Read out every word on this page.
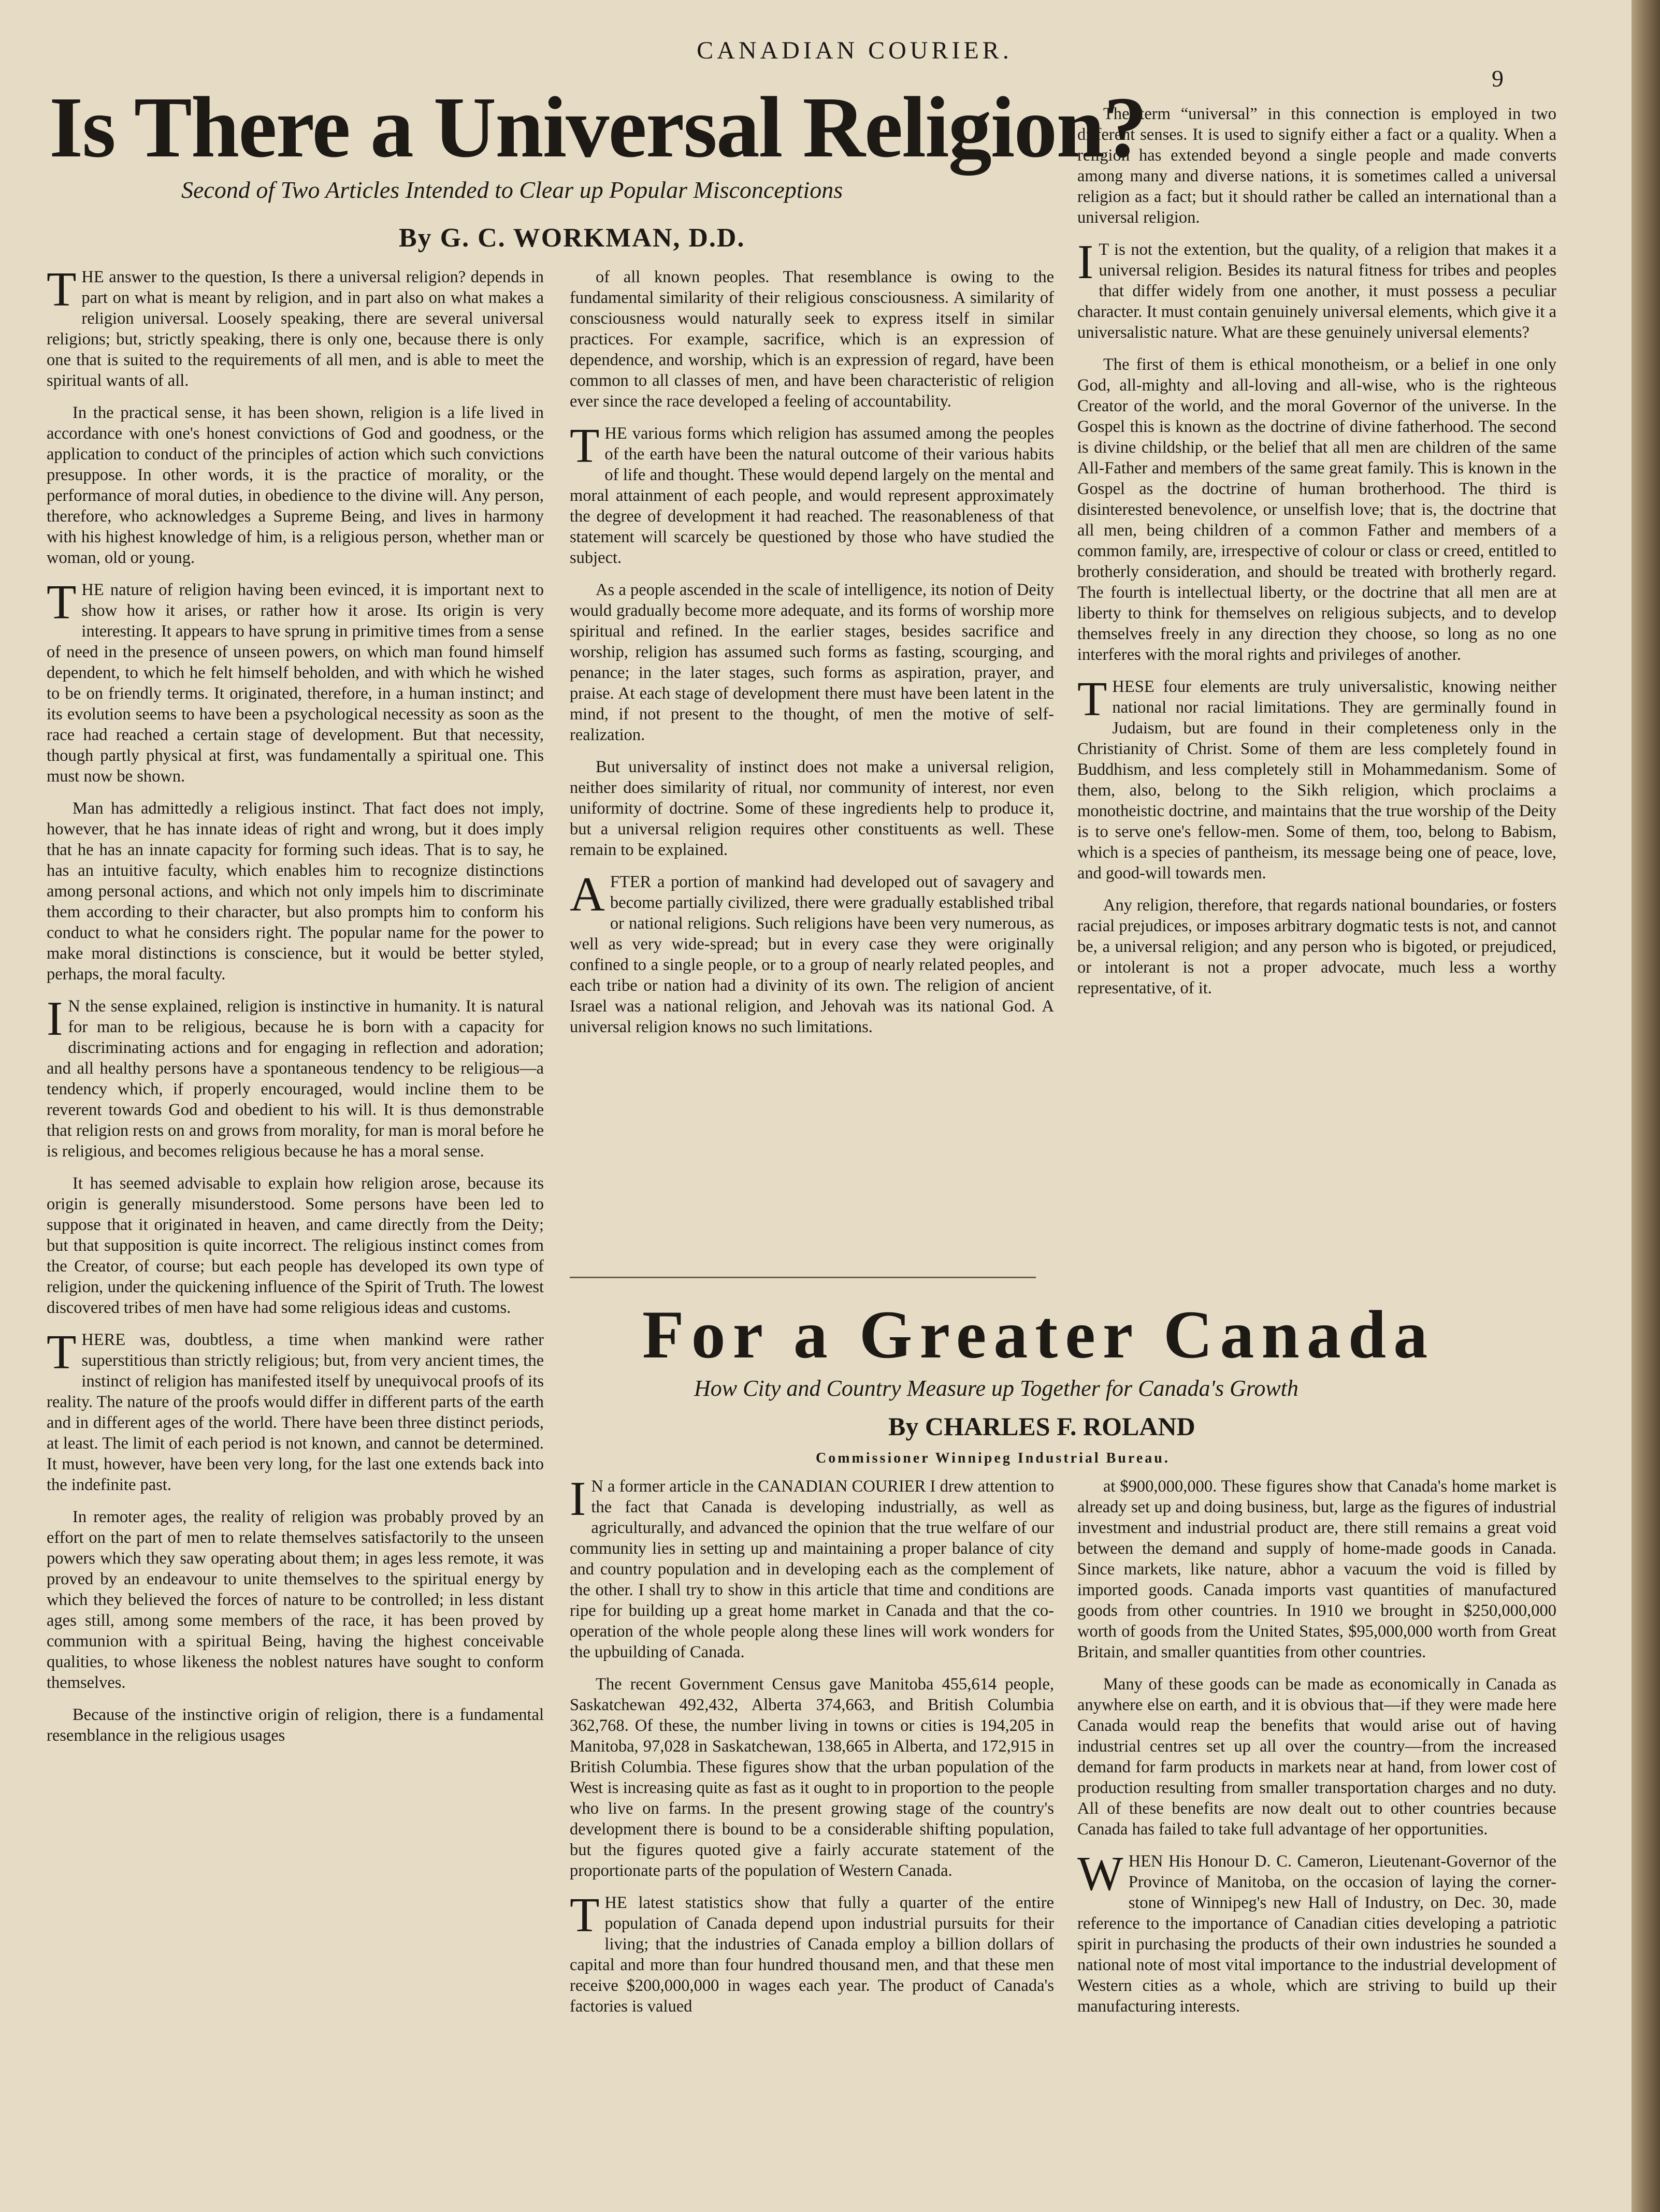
CANADIAN COURIER.
9
Is There a Universal Religion?
Second of Two Articles Intended to Clear up Popular Misconceptions
By G. C. WORKMAN, D.D.

THE answer to the question, Is there a universal religion? depends in part on what is meant by religion, and in part also on what makes a religion universal. Loosely speaking, there are several universal religions; but, strictly speaking, there is only one, because there is only one that is suited to the requirements of all men, and is able to meet the spiritual wants of all.

In the practical sense, it has been shown, religion is a life lived in accordance with one's honest convictions of God and goodness, or the application to conduct of the principles of action which such convictions presuppose. In other words, it is the practice of morality, or the performance of moral duties, in obedience to the divine will. Any person, therefore, who acknowledges a Supreme Being, and lives in harmony with his highest knowledge of him, is a religious person, whether man or woman, old or young.

THE nature of religion having been evinced, it is important next to show how it arises, or rather how it arose. Its origin is very interesting. It appears to have sprung in primitive times from a sense of need in the presence of unseen powers, on which man found himself dependent, to which he felt himself beholden, and with which he wished to be on friendly terms. It originated, therefore, in a human instinct; and its evolution seems to have been a psychological necessity as soon as the race had reached a certain stage of development. But that necessity, though partly physical at first, was fundamentally a spiritual one. This must now be shown.

Man has admittedly a religious instinct. That fact does not imply, however, that he has innate ideas of right and wrong, but it does imply that he has an innate capacity for forming such ideas. That is to say, he has an intuitive faculty, which enables him to recognize distinctions among personal actions, and which not only impels him to discriminate them according to their character, but also prompts him to conform his conduct to what he considers right. The popular name for the power to make moral distinctions is conscience, but it would be better styled, perhaps, the moral faculty.

I N the sense explained, religion is instinctive in humanity. It is natural for man to be religious, because he is born with a capacity for discriminating actions and for engaging in reflection and adoration; and all healthy persons have a spontaneous tendency to be religious—a tendency which, if properly encouraged, would incline them to be reverent towards God and obedient to his will. It is thus demonstrable that religion rests on and grows from morality, for man is moral before he is religious, and becomes religious because he has a moral sense.

It has seemed advisable to explain how religion arose, because its origin is generally misunderstood. Some persons have been led to suppose that it originated in heaven, and came directly from the Deity; but that supposition is quite incorrect. The religious instinct comes from the Creator, of course; but each people has developed its own type of religion, under the quickening influence of the Spirit of Truth. The lowest discovered tribes of men have had some religious ideas and customs.

THERE was, doubtless, a time when mankind were rather superstitious than strictly religious; but, from very ancient times, the instinct of religion has manifested itself by unequivocal proofs of its reality. The nature of the proofs would differ in different parts of the earth and in different ages of the world. There have been three distinct periods, at least. The limit of each period is not known, and cannot be determined. It must, however, have been very long, for the last one extends back into the indefinite past.

In remoter ages, the reality of religion was probably proved by an effort on the part of men to relate themselves satisfactorily to the unseen powers which they saw operating about them; in ages less remote, it was proved by an endeavour to unite themselves to the spiritual energy by which they believed the forces of nature to be controlled; in less distant ages still, among some members of the race, it has been proved by communion with a spiritual Being, having the highest conceivable qualities, to whose likeness the noblest natures have sought to conform themselves.

Because of the instinctive origin of religion, there is a fundamental resemblance in the religious usages

of all known peoples. That resemblance is owing to the fundamental similarity of their religious consciousness. A similarity of consciousness would naturally seek to express itself in similar practices. For example, sacrifice, which is an expression of dependence, and worship, which is an expression of regard, have been common to all classes of men, and have been characteristic of religion ever since the race developed a feeling of accountability.

THE various forms which religion has assumed among the peoples of the earth have been the natural outcome of their various habits of life and thought. These would depend largely on the mental and moral attainment of each people, and would represent approximately the degree of development it had reached. The reasonableness of that statement will scarcely be questioned by those who have studied the subject.

As a people ascended in the scale of intelligence, its notion of Deity would gradually become more adequate, and its forms of worship more spiritual and refined. In the earlier stages, besides sacrifice and worship, religion has assumed such forms as fasting, scourging, and penance; in the later stages, such forms as aspiration, prayer, and praise. At each stage of development there must have been latent in the mind, if not present to the thought, of men the motive of self-realization.

But universality of instinct does not make a universal religion, neither does similarity of ritual, nor community of interest, nor even uniformity of doctrine. Some of these ingredients help to produce it, but a universal religion requires other constituents as well. These remain to be explained.

AFTER a portion of mankind had developed out of savagery and become partially civilized, there were gradually established tribal or national religions. Such religions have been very numerous, as well as very wide-spread; but in every case they were originally confined to a single people, or to a group of nearly related peoples, and each tribe or nation had a divinity of its own. The religion of ancient Israel was a national religion, and Jehovah was its national God. A universal religion knows no such limitations.

The term “universal” in this connection is employed in two different senses. It is used to signify either a fact or a quality. When a religion has extended beyond a single people and made converts among many and diverse nations, it is sometimes called a universal religion as a fact; but it should rather be called an international than a universal religion.

I T is not the extention, but the quality, of a religion that makes it a universal religion. Besides its natural fitness for tribes and peoples that differ widely from one another, it must possess a peculiar character. It must contain genuinely universal elements, which give it a universalistic nature. What are these genuinely universal elements?

The first of them is ethical monotheism, or a belief in one only God, all-mighty and all-loving and all-wise, who is the righteous Creator of the world, and the moral Governor of the universe. In the Gospel this is known as the doctrine of divine fatherhood. The second is divine childship, or the belief that all men are children of the same All-Father and members of the same great family. This is known in the Gospel as the doctrine of human brotherhood. The third is disinterested benevolence, or unselfish love; that is, the doctrine that all men, being children of a common Father and members of a common family, are, irrespective of colour or class or creed, entitled to brotherly consideration, and should be treated with brotherly regard. The fourth is intellectual liberty, or the doctrine that all men are at liberty to think for themselves on religious subjects, and to develop themselves freely in any direction they choose, so long as no one interferes with the moral rights and privileges of another.

THESE four elements are truly universalistic, knowing neither national nor racial limitations. They are germinally found in Judaism, but are found in their completeness only in the Christianity of Christ. Some of them are less completely found in Buddhism, and less completely still in Mohammedanism. Some of them, also, belong to the Sikh religion, which proclaims a monotheistic doctrine, and maintains that the true worship of the Deity is to serve one's fellow-men. Some of them, too, belong to Babism, which is a species of pantheism, its message being one of peace, love, and good-will towards men.

Any religion, therefore, that regards national boundaries, or fosters racial prejudices, or imposes arbitrary dogmatic tests is not, and cannot be, a universal religion; and any person who is bigoted, or prejudiced, or intolerant is not a proper advocate, much less a worthy representative, of it.

For a Greater Canada
How City and Country Measure up Together for Canada's Growth
By CHARLES F. ROLAND
Commissioner Winnipeg Industrial Bureau.

I N a former article in the CANADIAN COURIER I drew attention to the fact that Canada is developing industrially, as well as agriculturally, and advanced the opinion that the true welfare of our community lies in setting up and maintaining a proper balance of city and country population and in developing each as the complement of the other. I shall try to show in this article that time and conditions are ripe for building up a great home market in Canada and that the co-operation of the whole people along these lines will work wonders for the upbuilding of Canada.

The recent Government Census gave Manitoba 455,614 people, Saskatchewan 492,432, Alberta 374,663, and British Columbia 362,768. Of these, the number living in towns or cities is 194,205 in Manitoba, 97,028 in Saskatchewan, 138,665 in Alberta, and 172,915 in British Columbia. These figures show that the urban population of the West is increasing quite as fast as it ought to in proportion to the people who live on farms. In the present growing stage of the country's development there is bound to be a considerable shifting population, but the figures quoted give a fairly accurate statement of the proportionate parts of the population of Western Canada.

THE latest statistics show that fully a quarter of the entire population of Canada depend upon industrial pursuits for their living; that the industries of Canada employ a billion dollars of capital and more than four hundred thousand men, and that these men receive $200,000,000 in wages each year. The product of Canada's factories is valued

at $900,000,000. These figures show that Canada's home market is already set up and doing business, but, large as the figures of industrial investment and industrial product are, there still remains a great void between the demand and supply of home-made goods in Canada. Since markets, like nature, abhor a vacuum the void is filled by imported goods. Canada imports vast quantities of manufactured goods from other countries. In 1910 we brought in $250,000,000 worth of goods from the United States, $95,000,000 worth from Great Britain, and smaller quantities from other countries.

Many of these goods can be made as economically in Canada as anywhere else on earth, and it is obvious that—if they were made here Canada would reap the benefits that would arise out of having industrial centres set up all over the country—from the increased demand for farm products in markets near at hand, from lower cost of production resulting from smaller transportation charges and no duty. All of these benefits are now dealt out to other countries because Canada has failed to take full advantage of her opportunities.

WHEN His Honour D. C. Cameron, Lieutenant-Governor of the Province of Manitoba, on the occasion of laying the corner-stone of Winnipeg's new Hall of Industry, on Dec. 30, made reference to the importance of Canadian cities developing a patriotic spirit in purchasing the products of their own industries he sounded a national note of most vital importance to the industrial development of Western cities as a whole, which are striving to build up their manufacturing interests.
